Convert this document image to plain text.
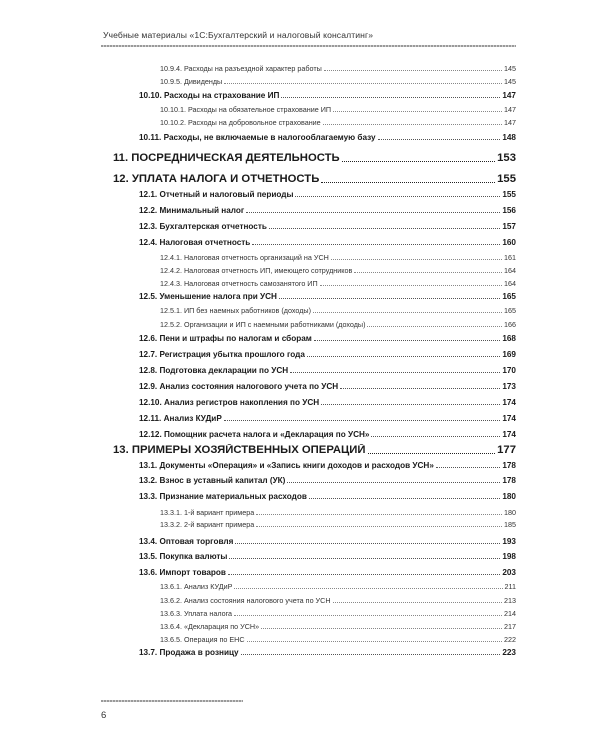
Учебные материалы «1С:Бухгалтерский и налоговый консалтинг»
10.9.4. Расходы на разъездной характер работы	145
10.9.5. Дивиденды	145
10.10. Расходы на страхование ИП	147
10.10.1. Расходы на обязательное страхование ИП	147
10.10.2. Расходы на добровольное страхование	147
10.11. Расходы, не включаемые в налогооблагаемую базу	148
11. ПОСРЕДНИЧЕСКАЯ ДЕЯТЕЛЬНОСТЬ	153
12. УПЛАТА НАЛОГА И ОТЧЕТНОСТЬ	155
12.1. Отчетный и налоговый периоды	155
12.2. Минимальный налог	156
12.3. Бухгалтерская отчетность	157
12.4. Налоговая отчетность	160
12.4.1. Налоговая отчетность организаций на УСН	161
12.4.2. Налоговая отчетность ИП, имеющего сотрудников	164
12.4.3. Налоговая отчетность самозанятого ИП	164
12.5. Уменьшение налога при УСН	165
12.5.1. ИП без наемных работников (доходы)	165
12.5.2. Организации и ИП с наемными работниками (доходы)	166
12.6. Пени и штрафы по налогам и сборам	168
12.7. Регистрация убытка прошлого года	169
12.8. Подготовка декларации по УСН	170
12.9. Анализ состояния налогового учета по УСН	173
12.10. Анализ регистров накопления по УСН	174
12.11. Анализ КУДиР	174
12.12. Помощник расчета налога и «Декларация по УСН»	174
13. ПРИМЕРЫ ХОЗЯЙСТВЕННЫХ ОПЕРАЦИЙ	177
13.1. Документы «Операция» и «Запись книги доходов и расходов УСН»	178
13.2. Взнос в уставный капитал (УК)	178
13.3. Признание материальных расходов	180
13.3.1. 1-й вариант примера	180
13.3.2. 2-й вариант примера	185
13.4. Оптовая торговля	193
13.5. Покупка валюты	198
13.6. Импорт товаров	203
13.6.1. Анализ КУДиР	211
13.6.2. Анализ состояния налогового учета по УСН	213
13.6.3. Уплата налога	214
13.6.4. «Декларация по УСН»	217
13.6.5. Операция по ЕНС	222
13.7. Продажа в розницу	223
6
